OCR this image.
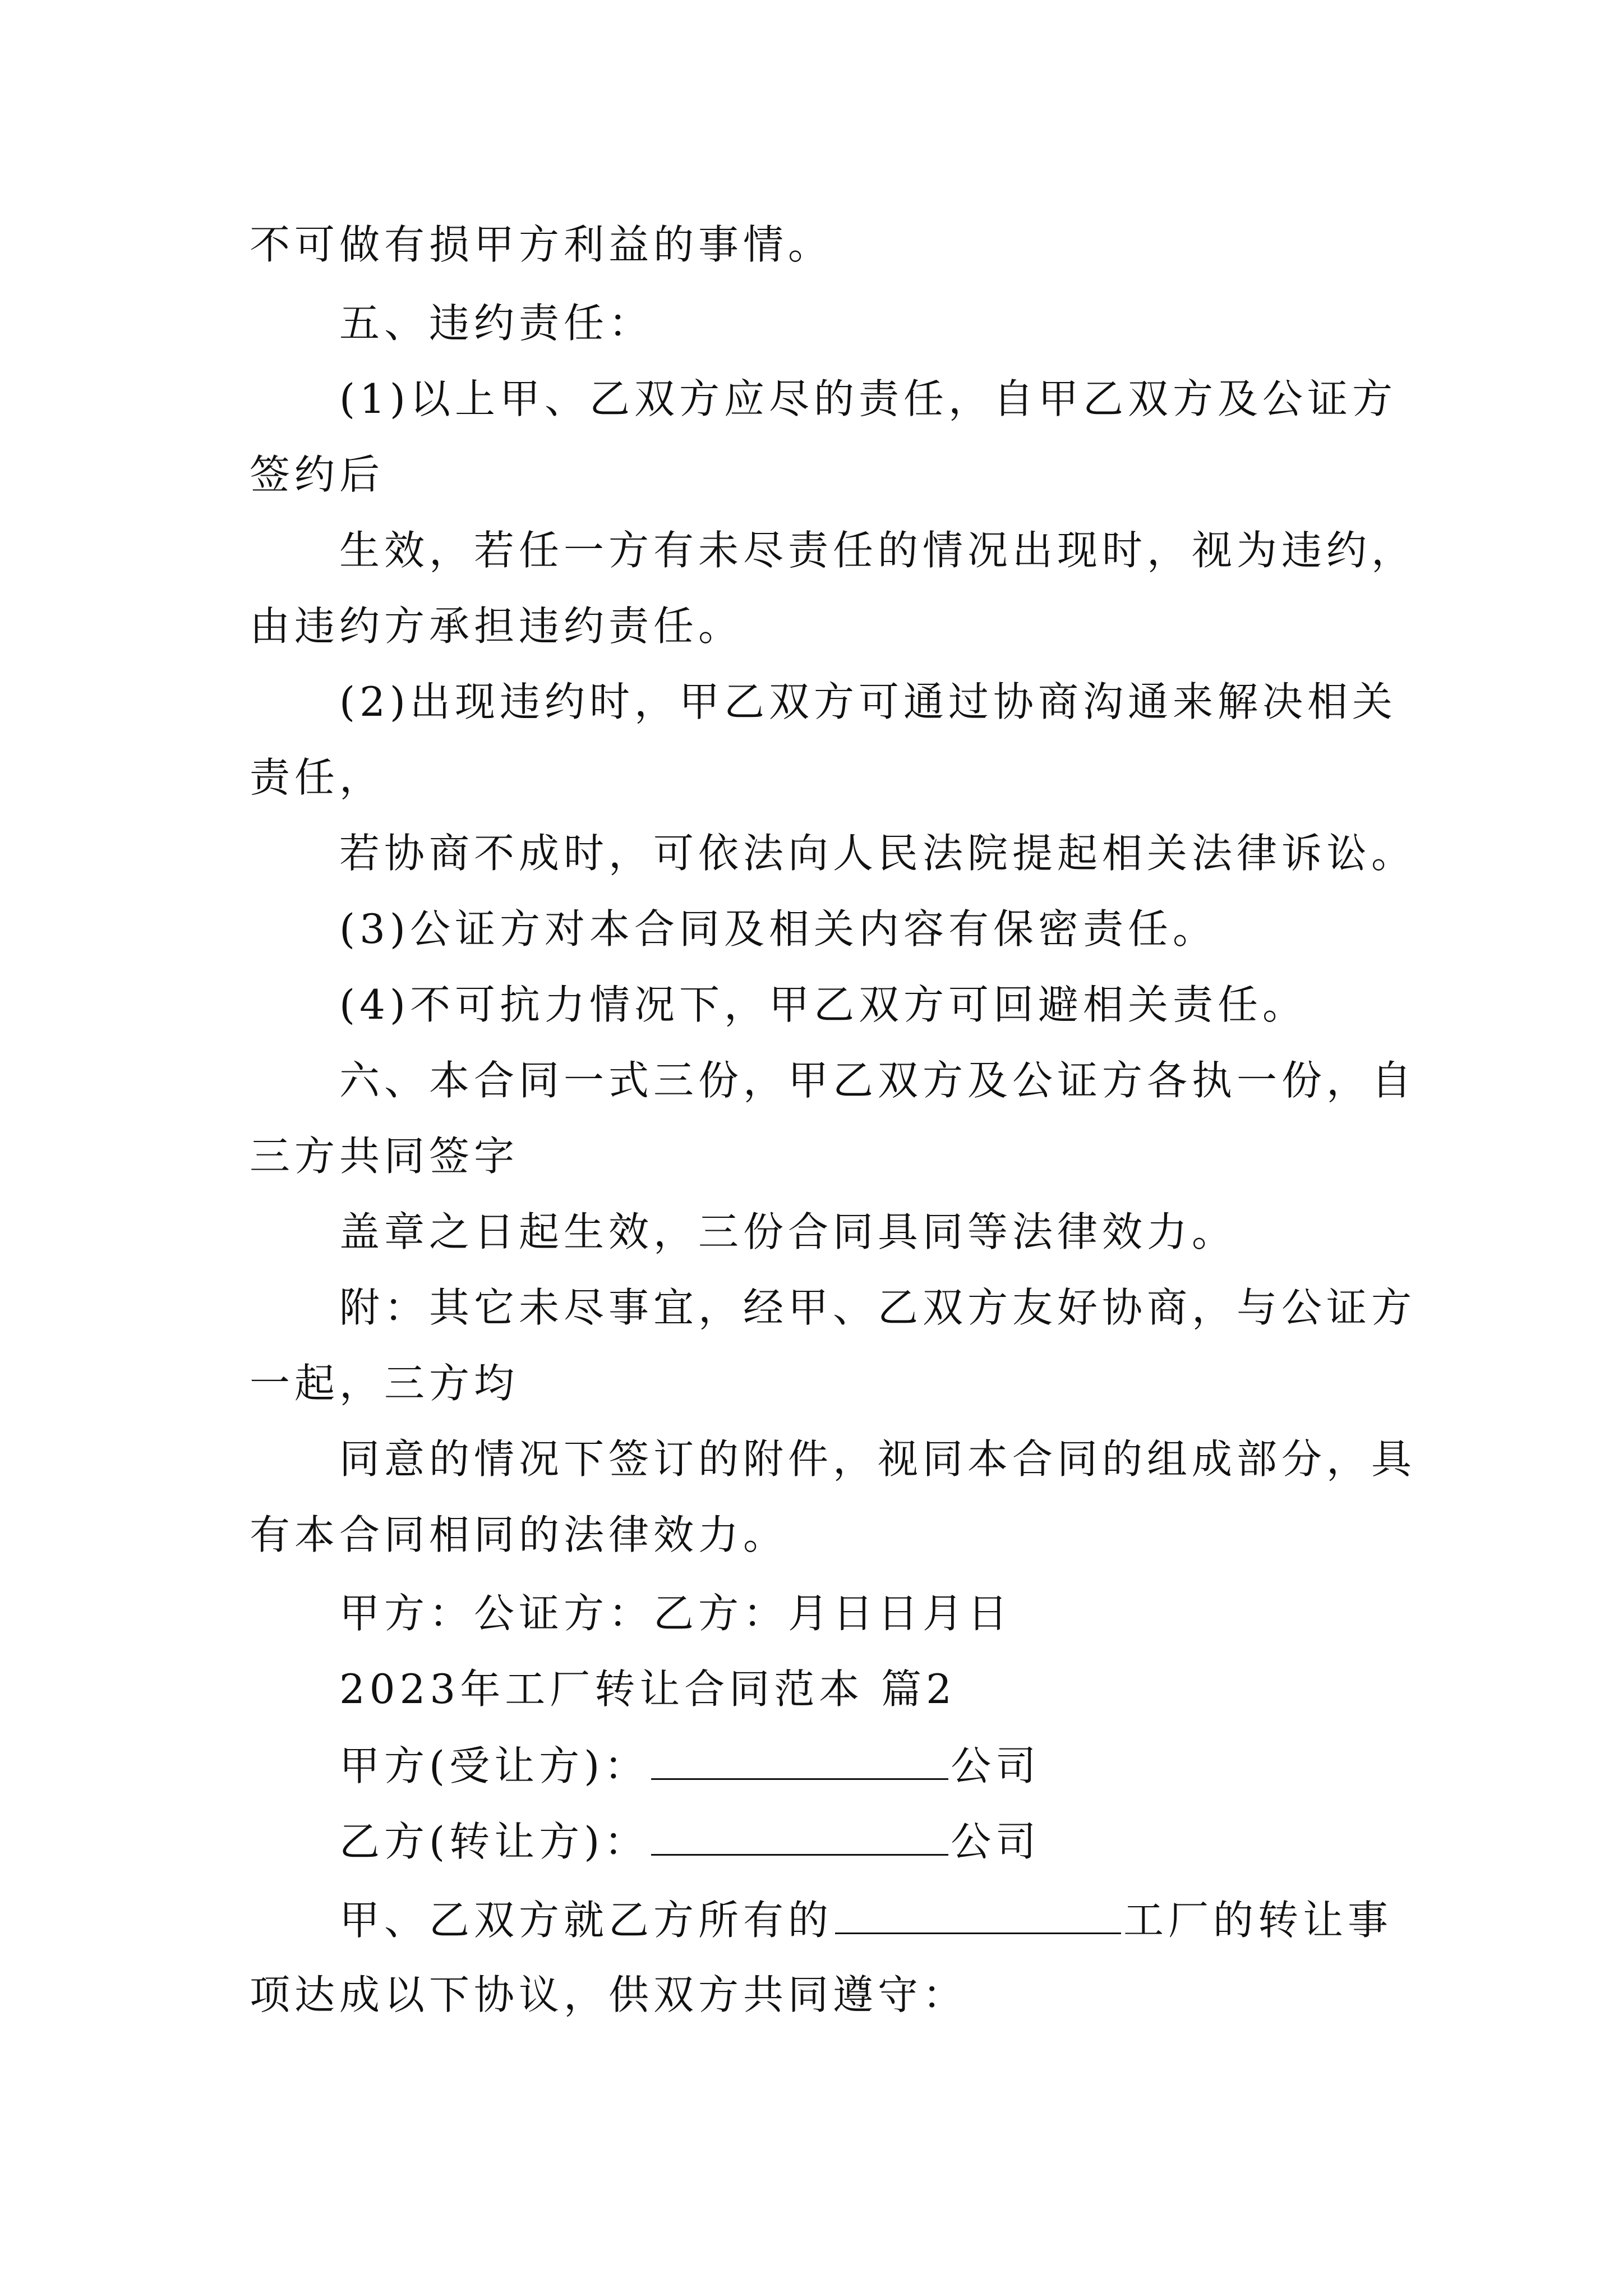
不可做有损甲方利益的事情。
五、违约责任：
(1)以上甲、乙双方应尽的责任，自甲乙双方及公证方
签约后
生效，若任一方有未尽责任的情况出现时，视为违约，
由违约方承担违约责任。
(2)出现违约时，甲乙双方可通过协商沟通来解决相关
责任，
若协商不成时，可依法向人民法院提起相关法律诉讼。
(3)公证方对本合同及相关内容有保密责任。
(4)不可抗力情况下，甲乙双方可回避相关责任。
六、本合同一式三份，甲乙双方及公证方各执一份，自
三方共同签字
盖章之日起生效，三份合同具同等法律效力。
附：其它未尽事宜，经甲、乙双方友好协商，与公证方
一起，三方均
同意的情况下签订的附件，视同本合同的组成部分，具
有本合同相同的法律效力。
甲方：公证方：乙方：月日日月日
2023年工厂转让合同范本 篇2
甲方(受让方)：	公司
乙方(转让方)：	公司
甲、乙双方就乙方所有的	工厂的转让事
项达成以下协议，供双方共同遵守：
